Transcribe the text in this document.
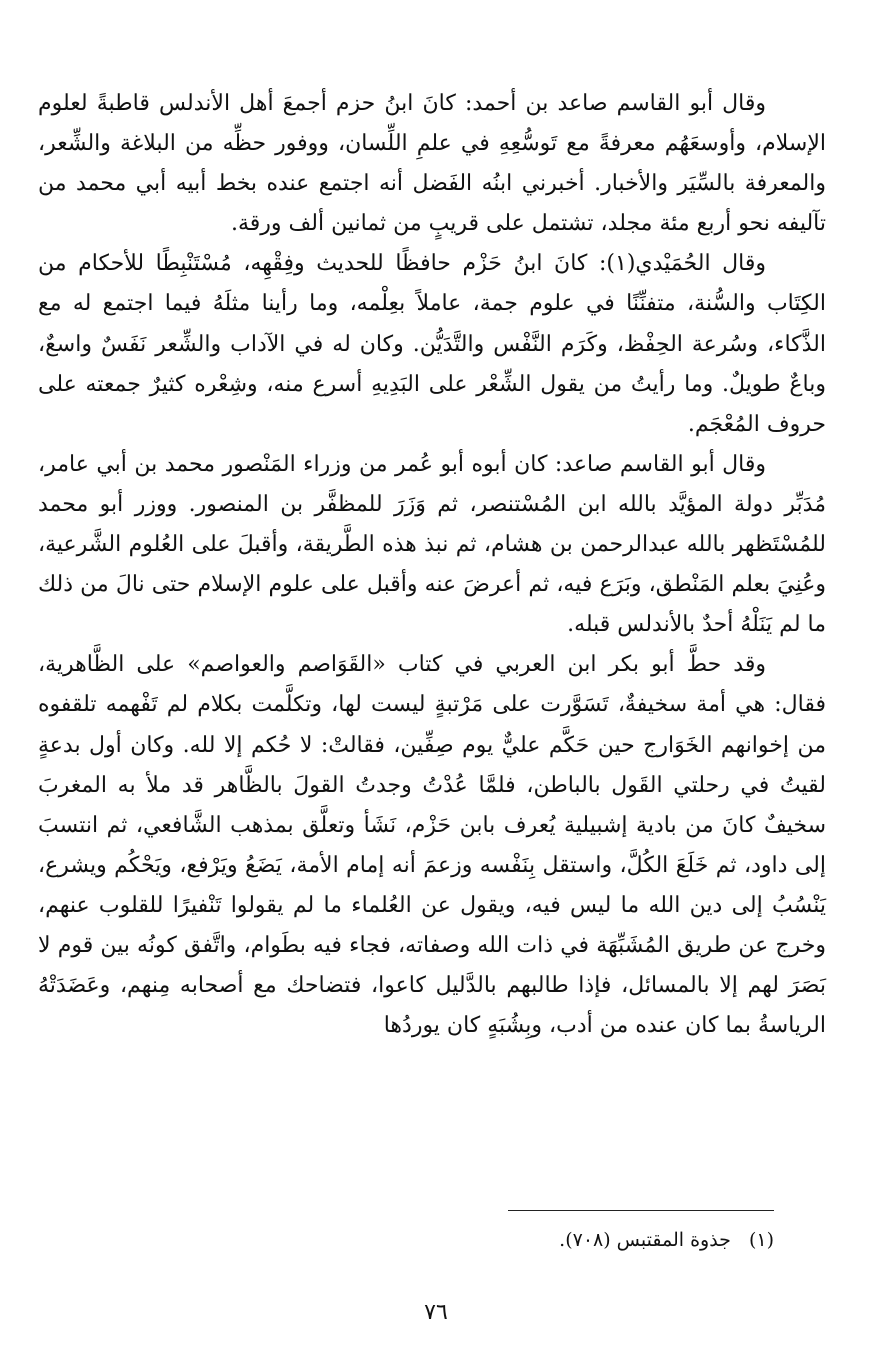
وقال أبو القاسم صاعد بن أحمد: كانَ ابنُ حزم أجمعَ أهل الأندلس قاطبةً لعلوم الإسلام، وأوسعَهُم معرفةً مع تَوسُّعِهِ في علمِ اللِّسان، ووفور حظِّه من البلاغة والشِّعر، والمعرفة بالسِّيَر والأخبار. أخبرني ابنُه الفَضل أنه اجتمع عنده بخط أبيه أبي محمد من تآليفه نحو أربع مئة مجلد، تشتمل على قريبٍ من ثمانين ألف ورقة.

وقال الحُمَيْدي(١): كانَ ابنُ حَزْم حافظًا للحديث وفِقْهِه، مُسْتَنْبِطًا للأحكام من الكِتَاب والسُّنة، متفنِّنًا في علوم جمة، عاملاً بعِلْمه، وما رأينا مثلَهُ فيما اجتمع له مع الذَّكاء، وسُرعة الحِفْظ، وكَرَم النَّفْس والتَّدَيُّن. وكان له في الآداب والشِّعر نَفَسٌ واسعٌ، وباعٌ طويلٌ. وما رأيتُ من يقول الشِّعْر على البَدِيهِ أسرع منه، وشِعْره كثيرٌ جمعته على حروف المُعْجَم.

وقال أبو القاسم صاعد: كان أبوه أبو عُمر من وزراء المَنْصور محمد بن أبي عامر، مُدَبِّر دولة المؤيَّد بالله ابن المُسْتنصر، ثم وَزَرَ للمظفَّر بن المنصور. ووزر أبو محمد للمُسْتَظهر بالله عبدالرحمن بن هشام، ثم نبذ هذه الطَّريقة، وأقبلَ على العُلوم الشَّرعية، وعُنِيَ بعلم المَنْطق، وبَرَع فيه، ثم أعرضَ عنه وأقبل على علوم الإسلام حتى نالَ من ذلك ما لم يَنَلْهُ أحدٌ بالأندلس قبله.

وقد حطَّ أبو بكر ابن العربي في كتاب «القَوَاصم والعواصم» على الظَّاهرية، فقال: هي أمة سخيفةٌ، تَسَوَّرت على مَرْتبةٍ ليست لها، وتكلَّمت بكلام لم تَفْهمه تلقفوه من إخوانهم الخَوَارج حين حَكَّم عليٌّ يوم صِفِّين، فقالتْ: لا حُكم إلا لله. وكان أول بدعةٍ لقيتُ في رحلتي القَول بالباطن، فلمَّا عُدْتُ وجدتُ القولَ بالظَّاهر قد ملأ به المغربَ سخيفٌ كانَ من بادية إشبيلية يُعرف بابن حَزْم، نَشَأ وتعلَّق بمذهب الشَّافعي، ثم انتسبَ إلى داود، ثم خَلَعَ الكُلَّ، واستقل بِنَفْسه وزعمَ أنه إمام الأمة، يَضَعُ ويَرْفع، ويَحْكُم ويشرع، يَنْسُبُ إلى دين الله ما ليس فيه، ويقول عن العُلماء ما لم يقولوا تَنْفيرًا للقلوب عنهم، وخرج عن طريق المُشَبِّهَة في ذات الله وصفاته، فجاء فيه بطَوام، واتَّفق كونُه بين قوم لا بَصَرَ لهم إلا بالمسائل، فإذا طالبهم بالدَّليل كاعوا، فتضاحك مع أصحابه مِنهم، وعَضَدَتْهُ الرياسةُ بما كان عنده من أدب، وبِشُبَهٍ كان يوردُها

(١)جذوة المقتبس (٧٠٨).
٧٦
